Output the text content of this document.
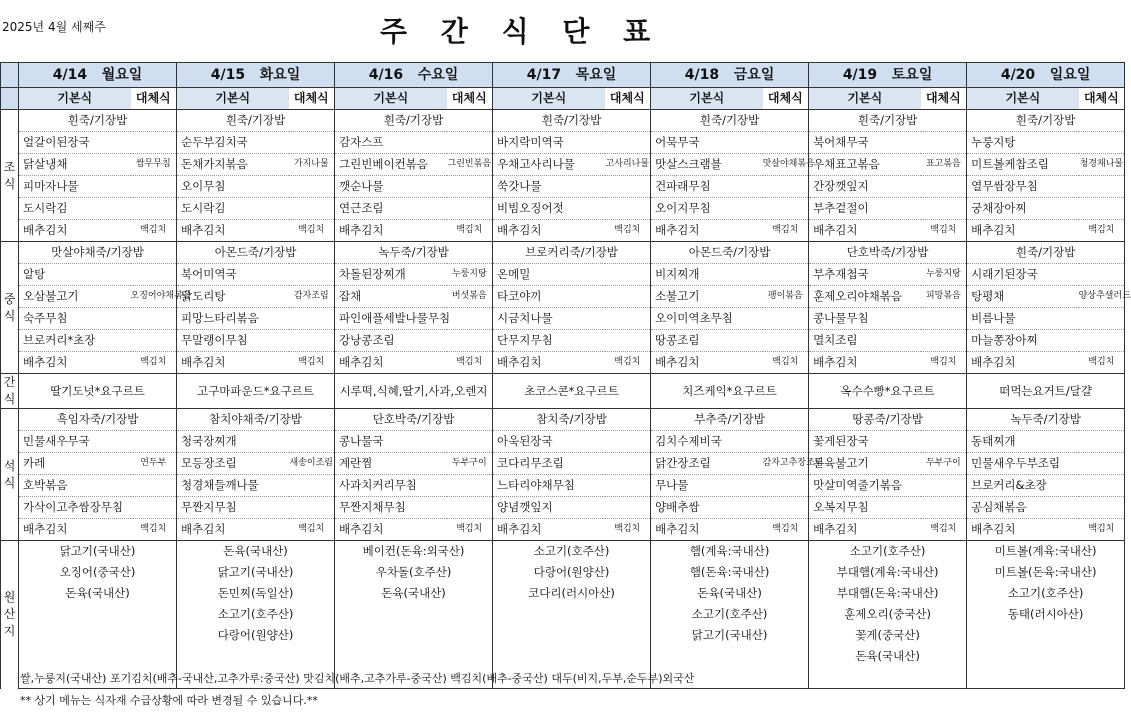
2025년 4월 세째주	주 간 식 단 표
	4/14 월요일		4/15 화요일		4/16 수요일		4/17 목요일		4/18 금요일		4/19 토요일		4/20 일요일	
	기본식	대체식	기본식	대체식	기본식	대체식	기본식	대체식	기본식	대체식	기본식	대체식	기본식	대체식
조식	흰죽/기장밥		흰죽/기장밥		흰죽/기장밥		흰죽/기장밥		흰죽/기장밥		흰죽/기장밥		흰죽/기장밥	
	얼갈이된장국		순두부김치국		감자스프		바지락미역국		어묵무국		북어채무국		누룽지탕	
	닭살냉채	쌈무무침	돈채가지볶음	가지나물	그린빈베이컨볶음	그린빈볶음	우채고사리나물	고사리나물	맛살스크램블	맛살야채볶음	우채표고볶음	표고볶음	미트볼케찹조림	청경채나물
	피마자나물		오이무침		깻순나물		쑥갓나물		건파래무침		간장깻잎지		열무쌈장무침	
	도시락김		도시락김		연근조림		비빔오징어젓		오이지무침		부추겉절이		궁채장아찌	
	배추김치	백김치	배추김치	백김치	배추김치	백김치	배추김치	백김치	배추김치	백김치	배추김치	백김치	배추김치	백김치
중식	맛살야채죽/기장밥		아몬드죽/기장밥		녹두죽/기장밥		브로커리죽/기장밥		아몬드죽/기장밥		단호박죽/기장밥		흰죽/기장밥	
	알탕		북어미역국		차돌된장찌개	누룽지탕	온메밀		비지찌개		부추재첩국	누룽지탕	시래기된장국	
	오삼불고기	오징어야채볶음	닭도리탕	감자조림	잡채	버섯볶음	타코야끼		소불고기	팽이볶음	훈제오리야채볶음	피망볶음	탕평채	양상추샐러드
	숙주무침		피망느타리볶음		파인애플세발나물무침		시금치나물		오이미역초무침		콩나물무침		비름나물	
	브로커리*초장		무말랭이무침		강낭콩조림		단무지무침		땅콩조림		멸치조림		마늘쫑장아찌	
	배추김치	백김치	배추김치	백김치	배추김치	백김치	배추김치	백김치	배추김치	백김치	배추김치	백김치	배추김치	백김치
간식	딸기도넛*요구르트		고구마파운드*요구르트		시루떡,식혜,딸기,사과,오렌지		초코스콘*요구르트		치즈케익*요구르트		옥수수빵*요구르트		떠먹는요거트/달걀	
석식	흑임자죽/기장밥		참치야채죽/기장밥		단호박죽/기장밥		참치죽/기장밥		부추죽/기장밥		땅콩죽/기장밥		녹두죽/기장밥	
	민물새우무국		청국장찌개		콩나물국		아욱된장국		김치수제비국		꽃게된장국		동태찌개	
	카레	연두부	모등장조림	새송이조림	계란찜	두부구이	코다리무조림		닭간장조림	감자고추장조림	돈육불고기	두부구이	민물새우두부조림	
	호박볶음		청경채들깨나물		사과치커리무침		느타리야채무침		무나물		맛살미역줄기볶음		브로커리&초장	
	가삭이고추쌈장무침		무짠지무침		무짠지채무침		양념깻잎지		양배추쌈		오복지무침		공심채볶음	
	배추김치	백김치	배추김치	백김치	배추김치	백김치	배추김치	백김치	배추김치	백김치	배추김치	백김치	배추김치	백김치
원산지	닭고기(국내산)		돈육(국내산)		베이컨(돈육:외국산)		소고기(호주산)		햄(계육:국내산)		소고기(호주산)		미트볼(계육:국내산)	
	오징어(중국산)		닭고기(국내산)		우차돌(호주산)		다랑어(원양산)		햄(돈육:국내산)		부대햄(계육:국내산)		미트볼(돈육:국내산)	
	돈육(국내산)		돈민찌(독일산)		돈육(국내산)		코다리(러시아산)		돈육(국내산)		부대햄(돈육:국내산)		소고기(호주산)	
			소고기(호주산)						소고기(호주산)		훈제오리(중국산)		동태(러시아산)	
			다랑어(원양산)						닭고기(국내산)		꽃게(중국산)			
											돈육(국내산)			

쌀,누룽지(국내산) 포기김치(배추-국내산,고추가루:중국산) 맛김치(배추,고추가루-중국산) 백김치(배추-중국산) 대두(비지,두부,순두부)외국산
** 상기 메뉴는 식자재 수급상황에 따라 변경될 수 있습니다.**
